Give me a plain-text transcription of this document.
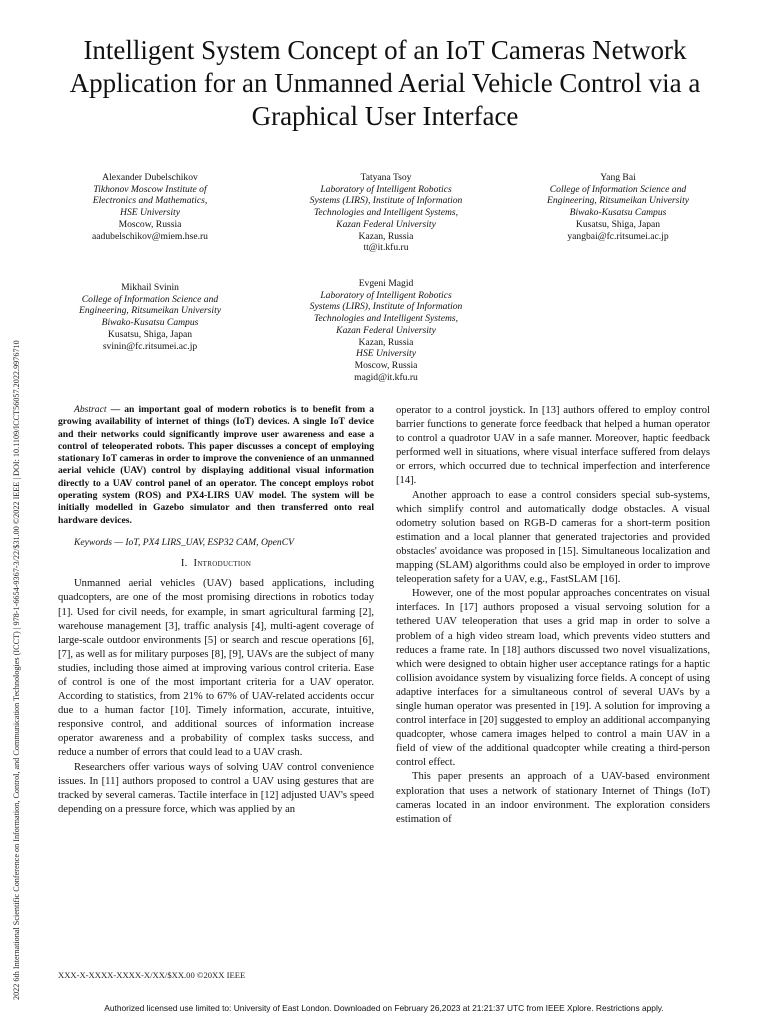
2022 6th International Scientific Conference on Information, Control, and Communication Technologies (ICCT) | 978-1-6654-9367-3/22/$31.00 ©2022 IEEE | DOI: 10.1109/ICCT56057.2022.9976710
Intelligent System Concept of an IoT Cameras Network Application for an Unmanned Aerial Vehicle Control via a Graphical User Interface
Alexander Dubelschikov
Tikhonov Moscow Institute of
Electronics and Mathematics,
HSE University
Moscow, Russia
aadubelschikov@miem.hse.ru
Tatyana Tsoy
Laboratory of Intelligent Robotics
Systems (LIRS), Institute of Information
Technologies and Intelligent Systems,
Kazan Federal University
Kazan, Russia
tt@it.kfu.ru
Yang Bai
College of Information Science and
Engineering, Ritsumeikan University
Biwako-Kusatsu Campus
Kusatsu, Shiga, Japan
yangbai@fc.ritsumei.ac.jp
Mikhail Svinin
College of Information Science and
Engineering, Ritsumeikan University
Biwako-Kusatsu Campus
Kusatsu, Shiga, Japan
svinin@fc.ritsumei.ac.jp
Evgeni Magid
Laboratory of Intelligent Robotics
Systems (LIRS), Institute of Information
Technologies and Intelligent Systems,
Kazan Federal University
Kazan, Russia
HSE University
Moscow, Russia
magid@it.kfu.ru

Abstract — an important goal of modern robotics is to benefit from a growing availability of internet of things (IoT) devices. A single IoT device and their networks could significantly improve user awareness and ease a control of teleoperated robots. This paper discusses a concept of employing stationary IoT cameras in order to improve the convenience of an unmanned aerial vehicle (UAV) control by displaying additional visual information directly to a UAV control panel of an operator. The concept employs robot operating system (ROS) and PX4-LIRS UAV model. The system will be initially modelled in Gazebo simulator and then transferred onto real hardware devices.

Keywords — IoT, PX4 LIRS_UAV, ESP32 CAM, OpenCV

I. Introduction

Unmanned aerial vehicles (UAV) based applications, including quadcopters, are one of the most promising directions in robotics today [1]. Used for civil needs, for example, in smart agricultural farming [2], warehouse management [3], traffic analysis [4], multi-agent coverage of large-scale outdoor environments [5] or search and rescue operations [6], [7], as well as for military purposes [8], [9], UAVs are the subject of many studies, including those aimed at improving various control criteria. Ease of control is one of the most important criteria for a UAV operator. According to statistics, from 21% to 67% of UAV-related accidents occur due to a human factor [10]. Timely information, accurate, intuitive, responsive control, and additional sources of information increase operator awareness and a probability of complex tasks success, and reduce a number of errors that could lead to a UAV crash.

Researchers offer various ways of solving UAV control convenience issues. In [11] authors proposed to control a UAV using gestures that are tracked by several cameras. Tactile interface in [12] adjusted UAV's speed depending on a pressure force, which was applied by an

operator to a control joystick. In [13] authors offered to employ control barrier functions to generate force feedback that helped a human operator to control a quadrotor UAV in a safe manner. Moreover, haptic feedback performed well in situations, where visual interface suffered from delays or errors, which occurred due to technical imperfection and interference [14].

Another approach to ease a control considers special sub-systems, which simplify control and automatically dodge obstacles. A visual odometry solution based on RGB-D cameras for a short-term position estimation and a local planner that generated trajectories and provided obstacles' avoidance was proposed in [15]. Simultaneous localization and mapping (SLAM) algorithms could also be employed in order to improve teleoperation safety for a UAV, e.g., FastSLAM [16].

However, one of the most popular approaches concentrates on visual interfaces. In [17] authors proposed a visual servoing solution for a tethered UAV teleoperation that uses a grid map in order to solve a problem of a high video stream load, which prevents video stutters and reduces a frame rate. In [18] authors discussed two novel visualizations, which were designed to obtain higher user acceptance ratings for a haptic collision avoidance system by visualizing force fields. A concept of using adaptive interfaces for a simultaneous control of several UAVs by a single human operator was presented in [19]. A solution for improving a control interface in [20] suggested to employ an additional accompanying quadcopter, whose camera images helped to control a main UAV in a field of view of the additional quadcopter while creating a third-person control effect.

This paper presents an approach of a UAV-based environment exploration that uses a network of stationary Internet of Things (IoT) cameras located in an indoor environment. The exploration considers estimation of

XXX-X-XXXX-XXXX-X/XX/$XX.00 ©20XX IEEE
Authorized licensed use limited to: University of East London. Downloaded on February 26,2023 at 21:21:37 UTC from IEEE Xplore. Restrictions apply.
